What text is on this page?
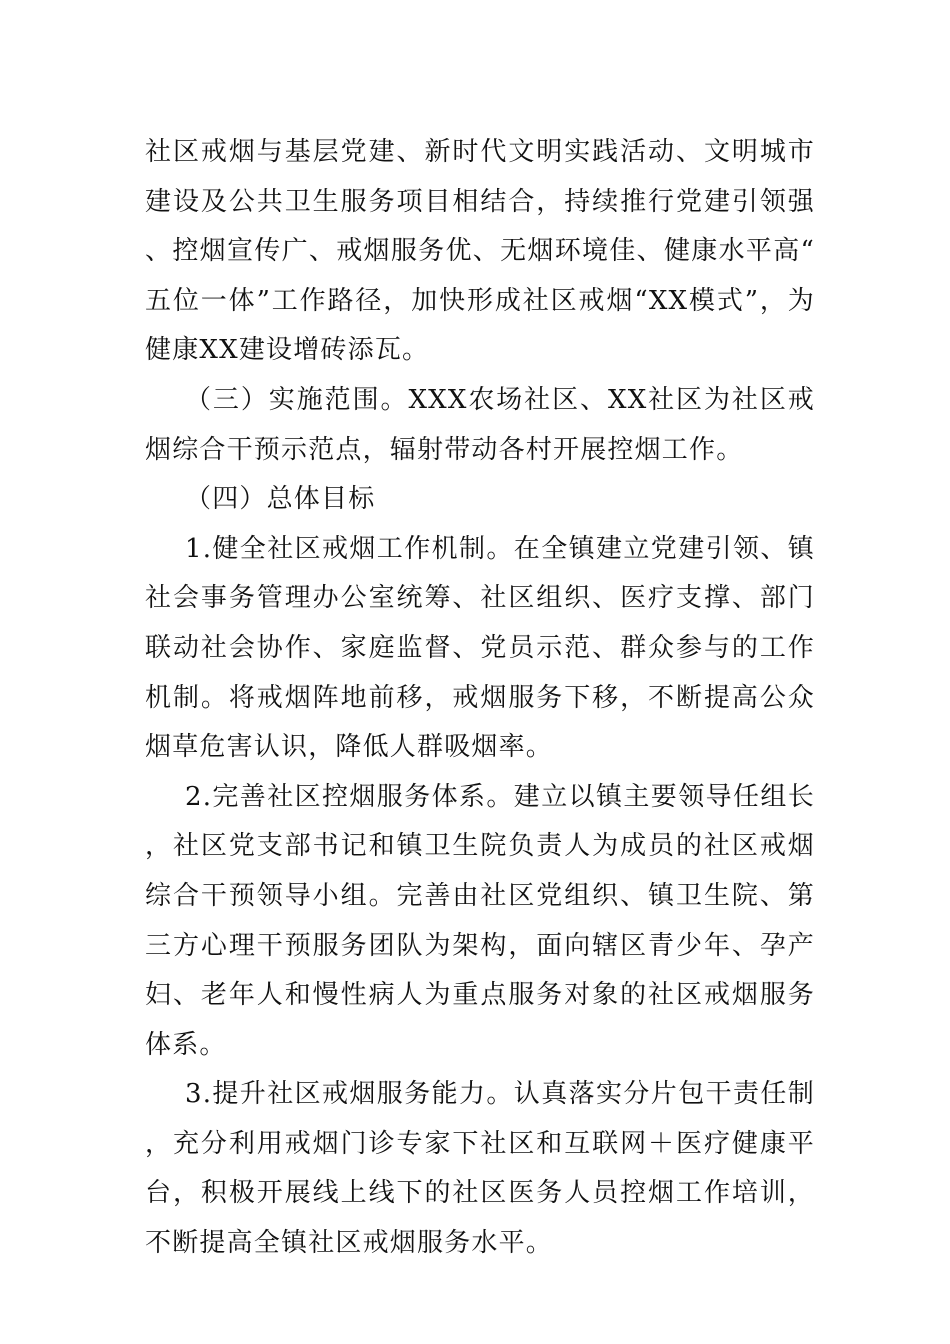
社区戒烟与基层党建、新时代文明实践活动、文明城市建设及公共卫生服务项目相结合，持续推行党建引领强、控烟宣传广、戒烟服务优、无烟环境佳、健康水平高“五位一体”工作路径，加快形成社区戒烟“XX模式”，为健康XX建设增砖添瓦。

（三）实施范围。XXX农场社区、XX社区为社区戒烟综合干预示范点，辐射带动各村开展控烟工作。

（四）总体目标

1.健全社区戒烟工作机制。在全镇建立党建引领、镇社会事务管理办公室统筹、社区组织、医疗支撑、部门联动社会协作、家庭监督、党员示范、群众参与的工作机制。将戒烟阵地前移，戒烟服务下移，不断提高公众烟草危害认识，降低人群吸烟率。

2.完善社区控烟服务体系。建立以镇主要领导任组长，社区党支部书记和镇卫生院负责人为成员的社区戒烟综合干预领导小组。完善由社区党组织、镇卫生院、第三方心理干预服务团队为架构，面向辖区青少年、孕产妇、老年人和慢性病人为重点服务对象的社区戒烟服务体系。

3.提升社区戒烟服务能力。认真落实分片包干责任制，充分利用戒烟门诊专家下社区和互联网＋医疗健康平台，积极开展线上线下的社区医务人员控烟工作培训，不断提高全镇社区戒烟服务水平。
